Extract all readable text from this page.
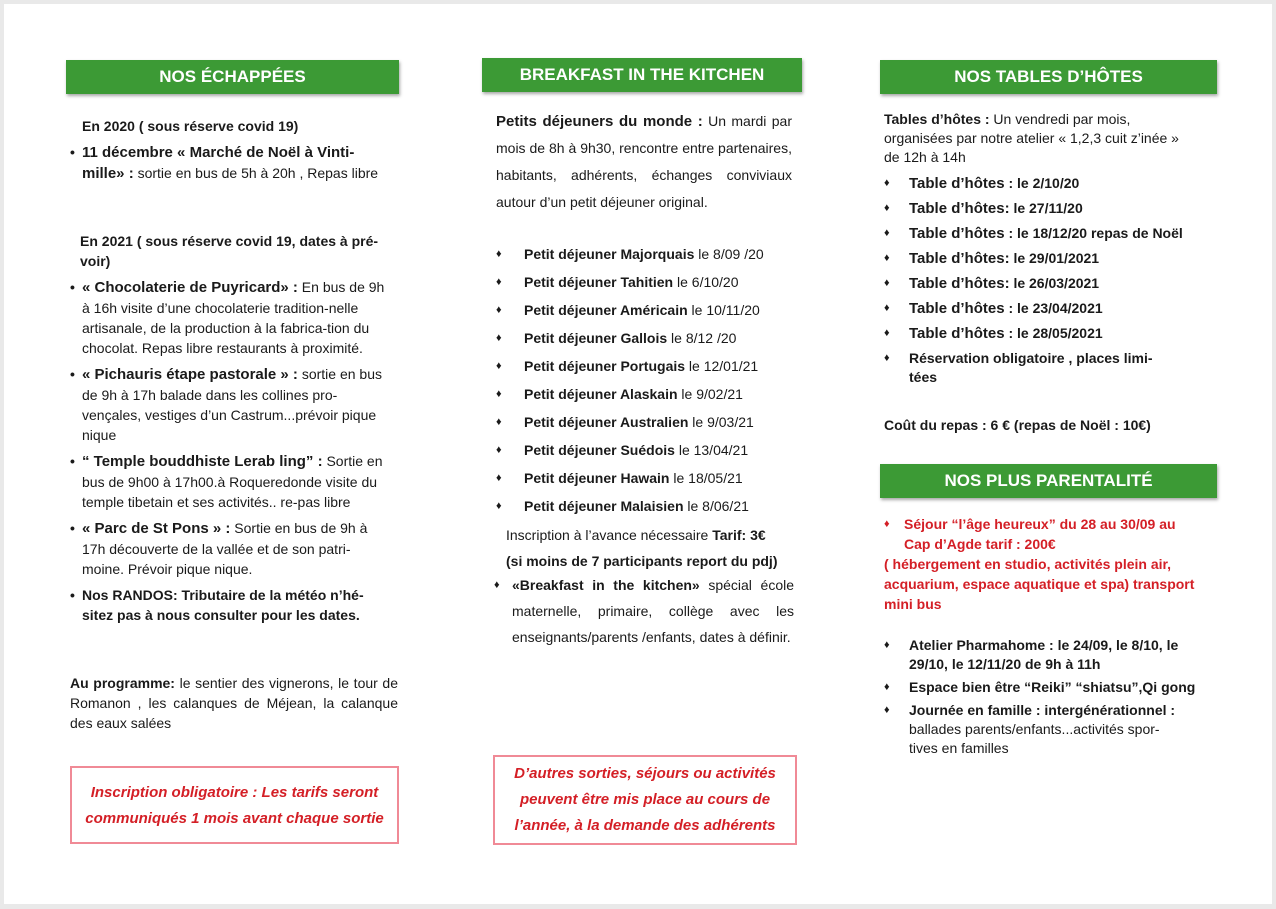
NOS ÉCHAPPÉES
En 2020 ( sous réserve covid 19)
• 11 décembre « Marché de Noël à Vinti-mille» : sortie en bus de 5h à 20h , Repas libre
En 2021 ( sous réserve covid 19, dates à pré-voir)
• « Chocolaterie de Puyricard» : En bus de 9h à 16h visite d’une chocolaterie tradition-nelle artisanale, de la production à la fabrica-tion du chocolat. Repas libre restaurants à proximité.
• « Pichauris étape pastorale » : sortie en bus de 9h à 17h balade dans les collines pro-vençales, vestiges d’un Castrum...prévoir pique nique
• “ Temple bouddhiste Lerab ling” : Sortie en bus de 9h00 à 17h00.à Roqueredonde visite du temple tibetain et ses activités.. re-pas libre
• « Parc de St Pons » : Sortie en bus de 9h à 17h découverte de la vallée et de son patri-moine. Prévoir pique nique.
• Nos RANDOS: Tributaire de la météo n’hé-sitez pas à nous consulter pour les dates.
Au programme: le sentier des vignerons, le tour de Romanon , les calanques de Méjean, la calanque des eaux salées
Inscription obligatoire : Les tarifs seront communiqués 1 mois avant chaque sortie
BREAKFAST IN THE KITCHEN
Petits déjeuners du monde : Un mardi par mois de 8h à 9h30, rencontre entre partenaires, habitants, adhérents, échanges conviviaux autour d’un petit déjeuner original.
♦ Petit déjeuner Majorquais le 8/09 /20
♦ Petit déjeuner Tahitien le 6/10/20
♦ Petit déjeuner Américain le 10/11/20
♦ Petit déjeuner Gallois le 8/12 /20
♦ Petit déjeuner Portugais le 12/01/21
♦ Petit déjeuner Alaskain le 9/02/21
♦ Petit déjeuner Australien le 9/03/21
♦ Petit déjeuner Suédois le 13/04/21
♦ Petit déjeuner Hawain le 18/05/21
♦ Petit déjeuner Malaisien le 8/06/21
Inscription à l’avance nécessaire Tarif: 3€
(si moins de 7 participants report du pdj)
♦ «Breakfast in the kitchen» spécial école maternelle, primaire, collège avec les enseignants/parents /enfants, dates à définir.
D’autres sorties, séjours ou activités peuvent être mis place au cours de l’année, à la demande des adhérents
NOS TABLES D’HÔTES
Tables d’hôtes : Un vendredi par mois, organisées par notre atelier « 1,2,3 cuit z’inée » de 12h à 14h
♦ Table d’hôtes : le 2/10/20
♦ Table d’hôtes: le 27/11/20
♦ Table d’hôtes : le 18/12/20 repas de Noël
♦ Table d’hôtes: le 29/01/2021
♦ Table d’hôtes: le 26/03/2021
♦ Table d’hôtes : le 23/04/2021
♦ Table d’hôtes : le 28/05/2021
♦ Réservation obligatoire , places limi-tées
Coût du repas : 6 € (repas de Noël : 10€)
NOS PLUS PARENTALITÉ
♦ Séjour “l’âge heureux” du 28 au 30/09 au Cap d’Agde tarif : 200€
( hébergement en studio, activités plein air, acquarium, espace aquatique et spa) transport mini bus
♦ Atelier Pharmahome : le 24/09, le 8/10, le 29/10, le 12/11/20 de 9h à 11h
♦ Espace bien être “Reiki” “shiatsu”,Qi gong
♦ Journée en famille : intergénérationnel : ballades parents/enfants...activités spor-tives en familles
